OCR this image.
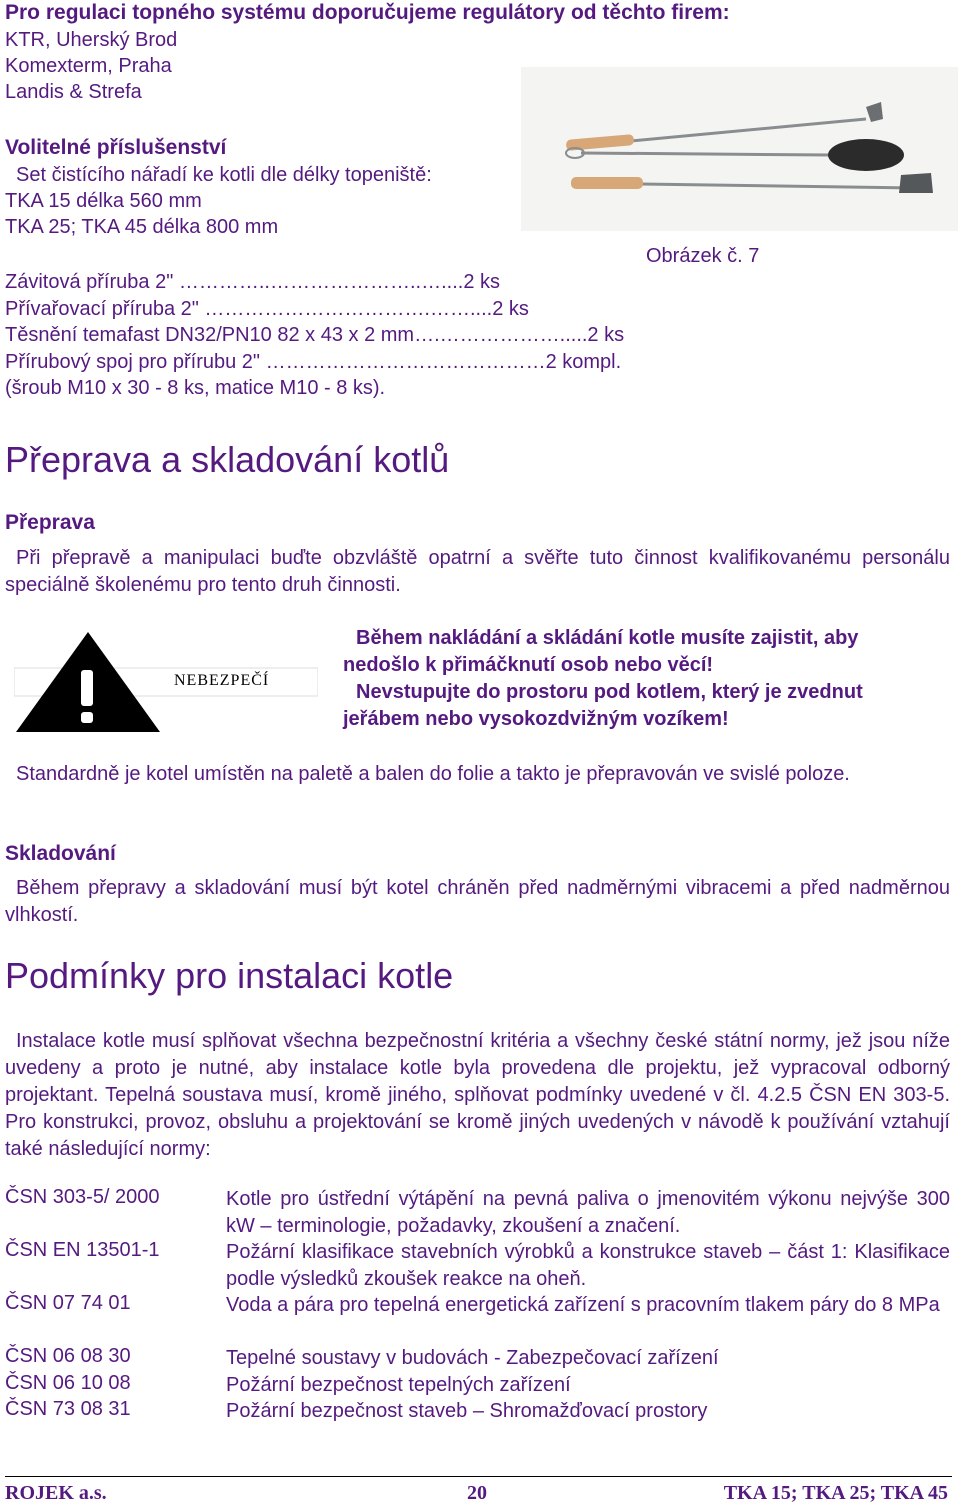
Pro regulaci topného systému doporučujeme regulátory od těchto firem:
KTR, Uherský Brod
Komexterm, Praha
Landis & Strefa
Volitelné příslušenství
Set čistícího nářadí ke kotli dle délky topeniště:
TKA 15 délka 560 mm
TKA 25; TKA 45 délka 800 mm
Obrázek č. 7
Závitová příruba 2" …………..…………………..…....2 ks
Přívařovací příruba 2" …………………………….……....2 ks
Těsnění temafast DN32/PN10 82 x 43 x 2 mm….……………….....2 ks
Přírubový spoj pro přírubu 2" ……………………………………2 kompl.
(šroub M10 x 30 - 8 ks, matice M10 - 8 ks).
Přeprava a skladování kotlů
Přeprava

Při přepravě a manipulaci buďte obzvláště opatrní a svěřte tuto činnost kvalifikovanému personálu speciálně školenému pro tento druh činnosti.

NEBEZPEČÍ
Během nakládání a skládání kotle musíte zajistit, aby
nedošlo k přimáčknutí osob nebo věcí!
Nevstupujte do prostoru pod kotlem, který je zvednut
jeřábem nebo vysokozdvižným vozíkem!

Standardně je kotel umístěn na paletě a balen do folie a takto je přepravován ve svislé poloze.

Skladování

Během přepravy a skladování musí být kotel chráněn před nadměrnými vibracemi a před nadměrnou vlhkostí.

Podmínky pro instalaci kotle

Instalace kotle musí splňovat všechna bezpečnostní kritéria a všechny české státní normy, jež jsou níže uvedeny a proto je nutné, aby instalace kotle byla provedena dle projektu, jež vypracoval odborný projektant. Tepelná soustava musí, kromě jiného, splňovat podmínky uvedené v čl. 4.2.5 ČSN EN 303-5. Pro konstrukci, provoz, obsluhu a projektování se kromě jiných uvedených v návodě k používání vztahují také následující normy:

ČSN 303-5/ 2000	Kotle pro ústřední výtápění na pevná paliva o jmenovitém výkonu nejvýše 300 kW – terminologie, požadavky, zkoušení a značení.
ČSN EN 13501-1	Požární klasifikace stavebních výrobků a konstrukce staveb – část 1: Klasifikace podle výsledků zkoušek reakce na oheň.
ČSN 07 74 01	Voda a pára pro tepelná energetická zařízení s pracovním tlakem páry do 8 MPa
ČSN 06 08 30	Tepelné soustavy v budovách - Zabezpečovací zařízení
ČSN 06 10 08	Požární bezpečnost tepelných zařízení
ČSN 73 08 31	Požární bezpečnost staveb – Shromažďovací prostory
ROJEK a.s.	20	TKA 15; TKA 25; TKA 45
